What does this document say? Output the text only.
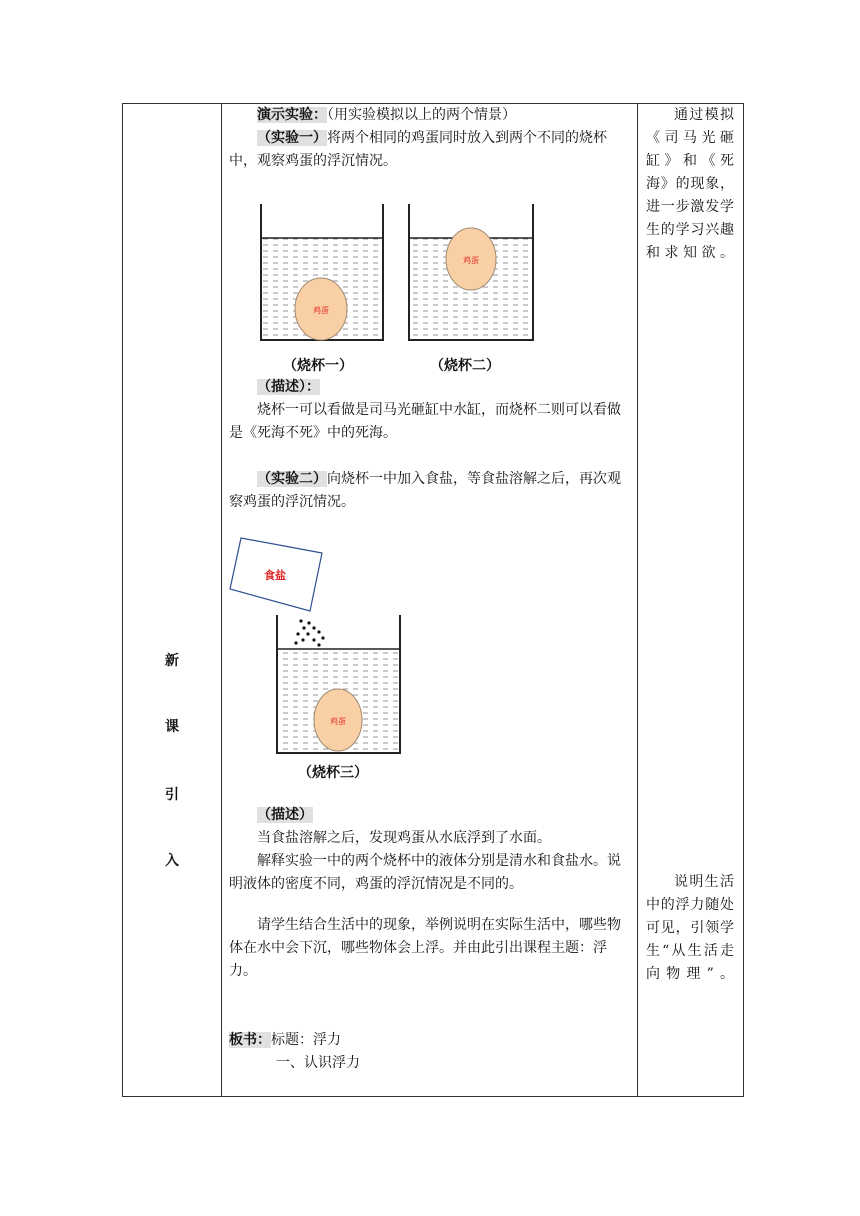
新
课
引
入

演示实验：（用实验模拟以上的两个情景）

（实验一）将两个相同的鸡蛋同时放入到两个不同的烧杯中，观察鸡蛋的浮沉情况。

鸡蛋
鸡蛋
（烧杯一）	（烧杯二）

（描述）：

烧杯一可以看做是司马光砸缸中水缸，而烧杯二则可以看做是《死海不死》中的死海。

（实验二）向烧杯一中加入食盐，等食盐溶解之后，再次观察鸡蛋的浮沉情况。

食盐
鸡蛋
（烧杯三）

（描述）

当食盐溶解之后，发现鸡蛋从水底浮到了水面。

解释实验一中的两个烧杯中的液体分别是清水和食盐水。说明液体的密度不同，鸡蛋的浮沉情况是不同的。

请学生结合生活中的现象，举例说明在实际生活中，哪些物体在水中会下沉，哪些物体会上浮。并由此引出课程主题：浮力。

板书：标题：浮力

一、认识浮力

通过模拟《司马光砸缸》和《死海》的现象，进一步激发学生的学习兴趣和求知欲。
说明生活中的浮力随处可见，引领学生“从生活走向物理”。
